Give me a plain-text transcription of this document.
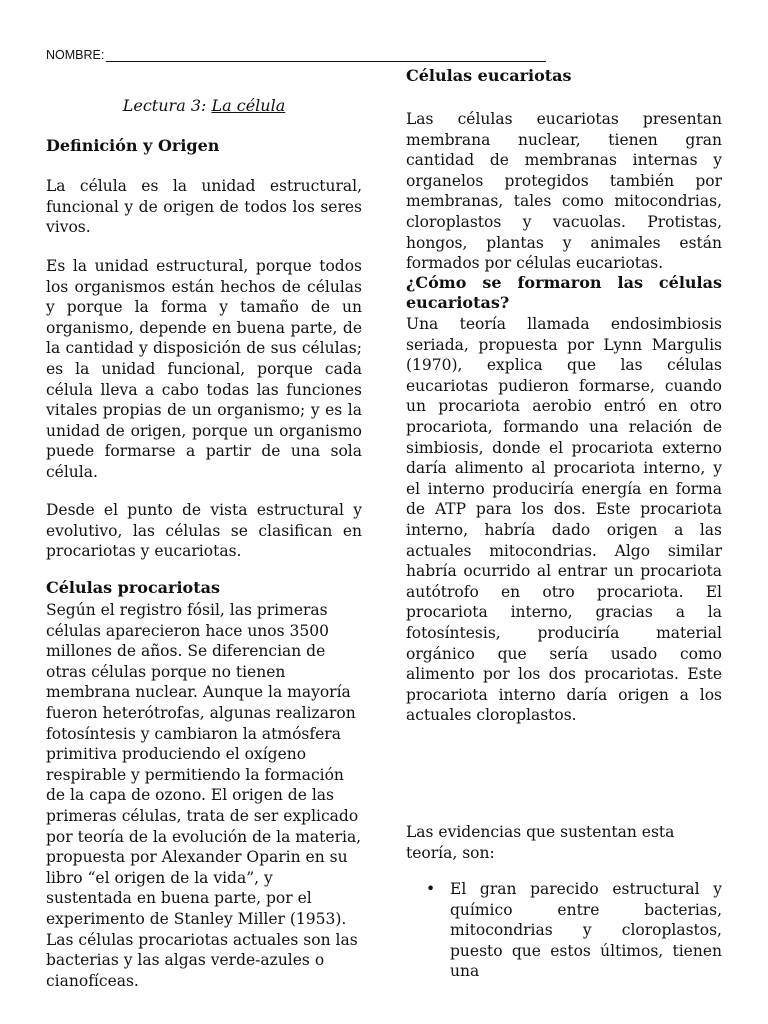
NOMBRE:

Lectura 3: La célula

Definición y Origen

La célula es la unidad estructural, funcional y de origen de todos los seres vivos.

Es la unidad estructural, porque todos los organismos están hechos de células y porque la forma y tamaño de un organismo, depende en buena parte, de la cantidad y disposición de sus células; es la unidad funcional, porque cada célula lleva a cabo todas las funciones vitales propias de un organismo; y es la unidad de origen, porque un organismo puede formarse a partir de una sola célula.

Desde el punto de vista estructural y evolutivo, las células se clasifican en procariotas y eucariotas.

Células procariotas

Según el registro fósil, las primeras células aparecieron hace unos 3500 millones de años. Se diferencian de otras células porque no tienen membrana nuclear. Aunque la mayoría fueron heterótrofas, algunas realizaron fotosíntesis y cambiaron la atmósfera primitiva produciendo el oxígeno respirable y permitiendo la formación de la capa de ozono. El origen de las primeras células, trata de ser explicado por teoría de la evolución de la materia, propuesta por Alexander Oparin en su libro “el origen de la vida”, y sustentada en buena parte, por el experimento de Stanley Miller (1953). Las células procariotas actuales son las bacterias y las algas verde-azules o cianofíceas.

Células eucariotas

Las células eucariotas presentan membrana nuclear, tienen gran cantidad de membranas internas y organelos protegidos también por membranas, tales como mitocondrias, cloroplastos y vacuolas. Protistas, hongos, plantas y animales están formados por células eucariotas.

¿Cómo se formaron las células eucariotas?

Una teoría llamada endosimbiosis seriada, propuesta por Lynn Margulis (1970), explica que las células eucariotas pudieron formarse, cuando un procariota aerobio entró en otro procariota, formando una relación de simbiosis, donde el procariota externo daría alimento al procariota interno, y el interno produciría energía en forma de ATP para los dos. Este procariota interno, habría dado origen a las actuales mitocondrias. Algo similar habría ocurrido al entrar un procariota autótrofo en otro procariota. El procariota interno, gracias a la fotosíntesis, produciría material orgánico que sería usado como alimento por los dos procariotas. Este procariota interno daría origen a los actuales cloroplastos.

Las evidencias que sustentan esta teoría, son:

• El gran parecido estructural y químico entre bacterias, mitocondrias y cloroplastos, puesto que estos últimos, tienen una
